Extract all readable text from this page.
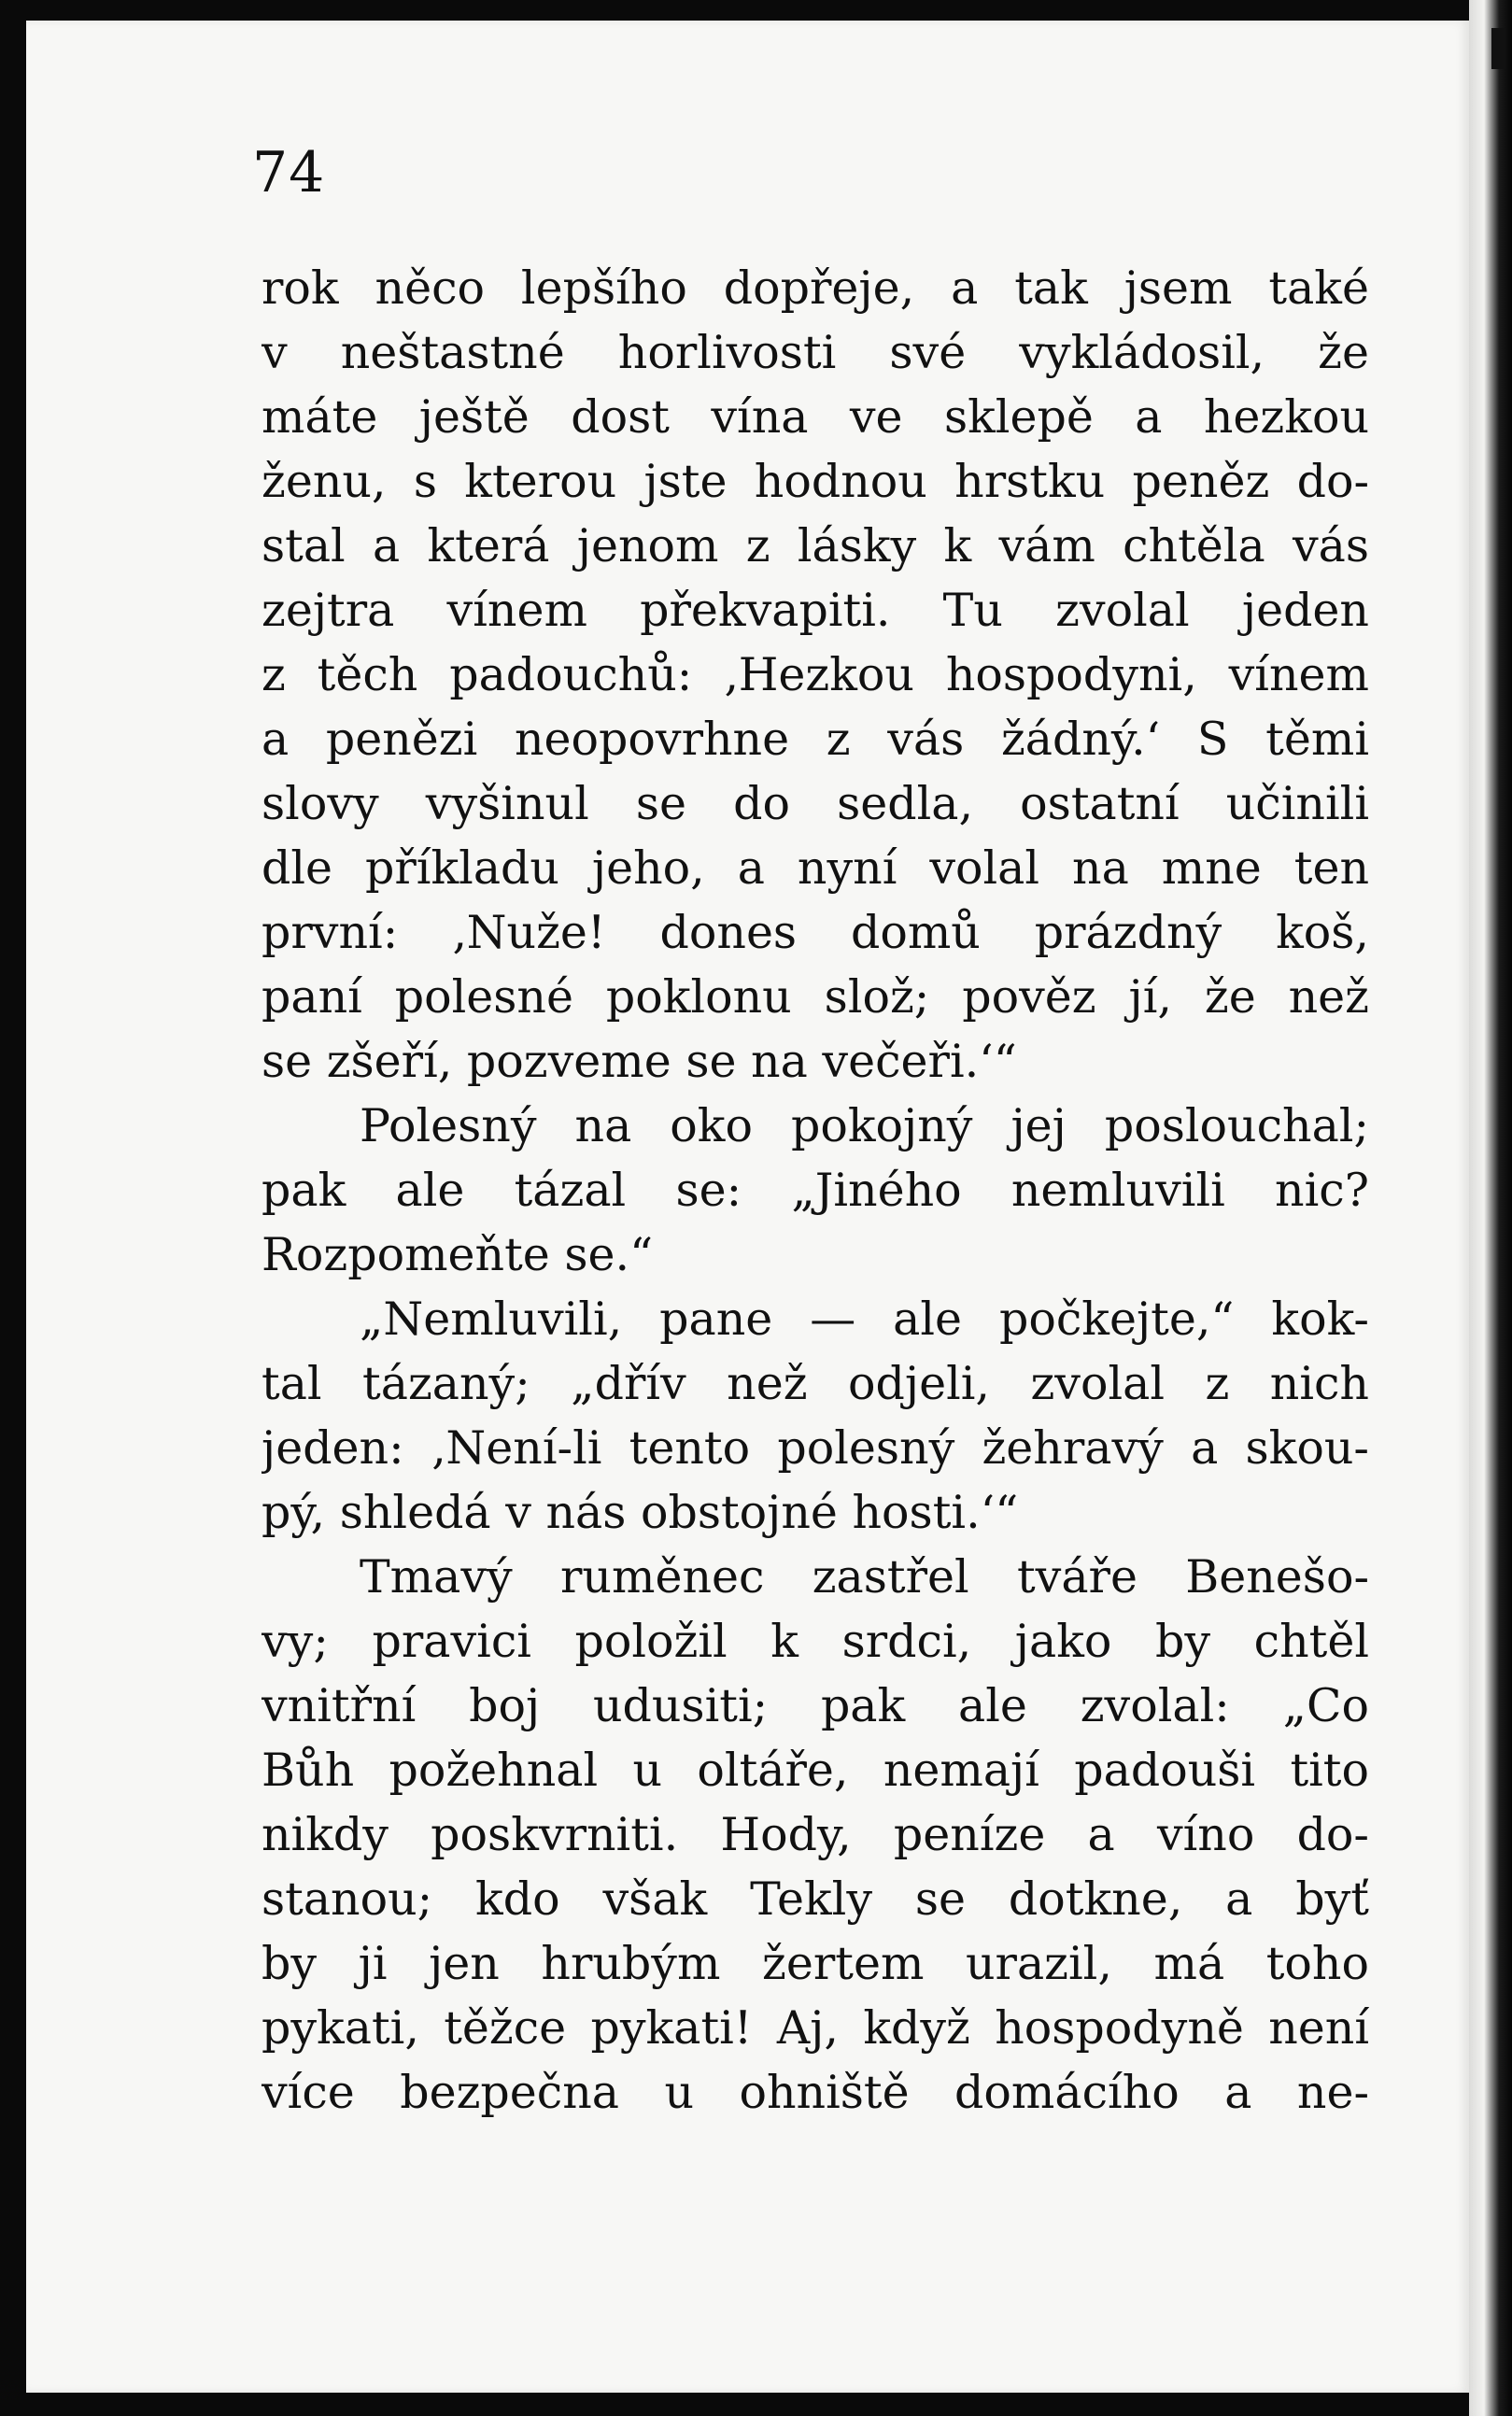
74
rok něco lepšího dopřeje, a tak jsem také
v neštastné horlivosti své vykládosil, že
máte ještě dost vína ve sklepě a hezkou
ženu, s kterou jste hodnou hrstku peněz do-
stal a která jenom z lásky k vám chtěla vás
zejtra vínem překvapiti. Tu zvolal jeden
z těch padouchů: ‚Hezkou hospodyni, vínem
a penězi neopovrhne z vás žádný.‘ S těmi
slovy vyšinul se do sedla, ostatní učinili
dle příkladu jeho, a nyní volal na mne ten
první: ‚Nuže! dones domů prázdný koš,
paní polesné poklonu slož; pověz jí, že než
se zšeří, pozveme se na večeři.‘“
Polesný na oko pokojný jej poslouchal;
pak ale tázal se: „Jiného nemluvili nic?
Rozpomeňte se.“
„Nemluvili, pane — ale počkejte,“ kok-
tal tázaný; „dřív než odjeli, zvolal z nich
jeden: ‚Není-li tento polesný žehravý a skou-
pý, shledá v nás obstojné hosti.‘“
Tmavý ruměnec zastřel tváře Benešo-
vy; pravici položil k srdci, jako by chtěl
vnitřní boj udusiti; pak ale zvolal: „Co
Bůh požehnal u oltáře, nemají padouši tito
nikdy poskvrniti. Hody, peníze a víno do-
stanou; kdo však Tekly se dotkne, a byť
by ji jen hrubým žertem urazil, má toho
pykati, těžce pykati! Aj, když hospodyně není
více bezpečna u ohniště domácího a ne-
